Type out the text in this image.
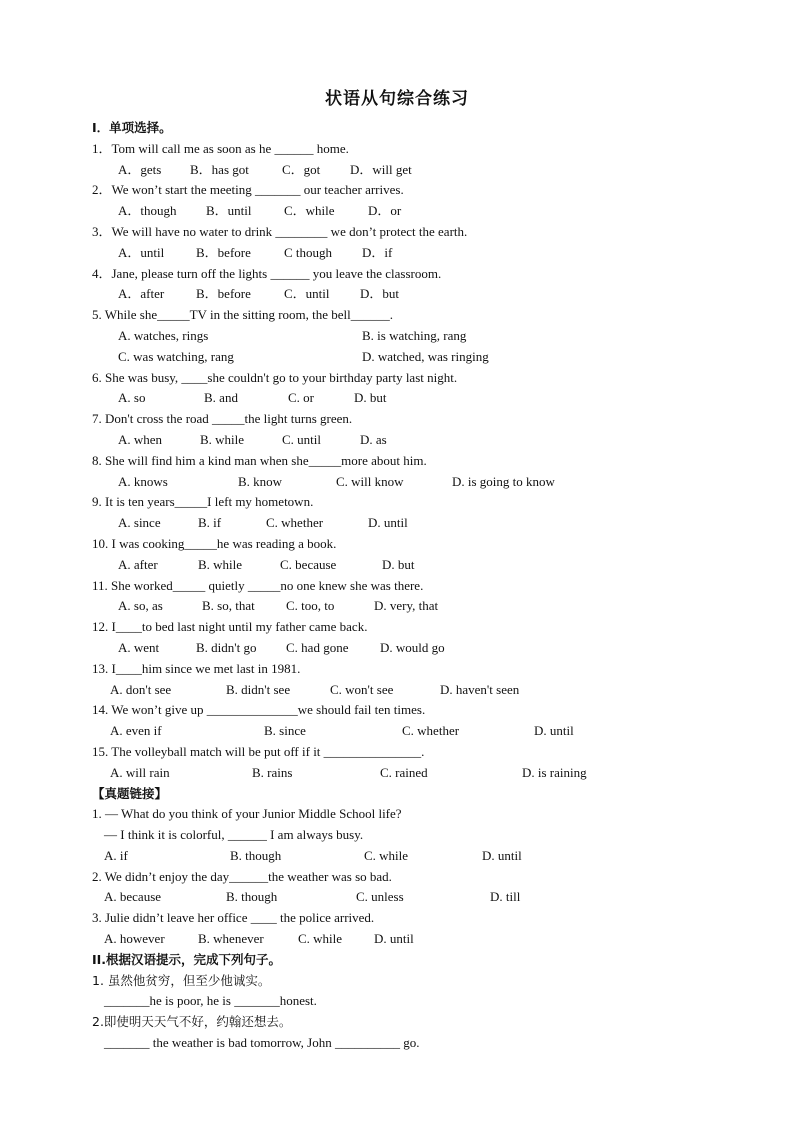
状语从句综合练习
I．单项选择。
1．Tom will call me as soon as he ______ home.
A．gets B．has got	C．got D．will get
2．We won’t start the meeting _______ our teacher arrives.
A．though B．until C．while	D．or
3．We will have no water to drink ________ we don’t protect the earth.
A．until B．before	C though D．if
4．Jane, please turn off the lights ______ you leave the classroom.
A．after B．before	C．until D．but
5. While she_____TV in the sitting room, the bell______.
A. watches, rings	B. is watching, rang
C. was watching, rang	D. watched, was ringing
6. She was busy, ____she couldn't go to your birthday party last night.
A. so	B. and	C. or	D. but
7. Don't cross the road _____the light turns green.
A. when	B. while	C. until	D. as
8. She will find him a kind man when she_____more about him.
A. knows	B. know	C. will know	D. is going to know
9. It is ten years_____I left my hometown.
A. since	B. if	C. whether	D. until
10. I was cooking_____he was reading a book.
A. after	B. while	C. because	D. but
11. She worked_____ quietly _____no one knew she was there.
A. so, as	B. so, that C. too, to	D. very, that
12. I____to bed last night until my father came back.
A. went	B. didn't go C. had gone D. would go
13. I____him since we met last in 1981.
A. don't see	B. didn't see	C. won't see	D. haven't seen
14. We won’t give up ______________we should fail ten times.
A. even if	B. since	C. whether	D. until
15. The volleyball match will be put off if it _______________.
A. will rain	B. rains	C. rained	D. is raining
【真题链接】
1. — What do you think of your Junior Middle School life?
— I think it is colorful, ______ I am always busy.
A. if	B. though	C. while	D. until
2. We didn’t enjoy the day______the weather was so bad.
A. because	B. though	C. unless	D. till
3. Julie didn’t leave her office ____ the police arrived.
A. however	B. whenever	C. while D. until
II.根据汉语提示，完成下列句子。
1. 虽然他贫穷，但至少他诚实。
_______he is poor, he is _______honest.
2.即使明天天气不好，约翰还想去。
_______ the weather is bad tomorrow, John __________ go.
